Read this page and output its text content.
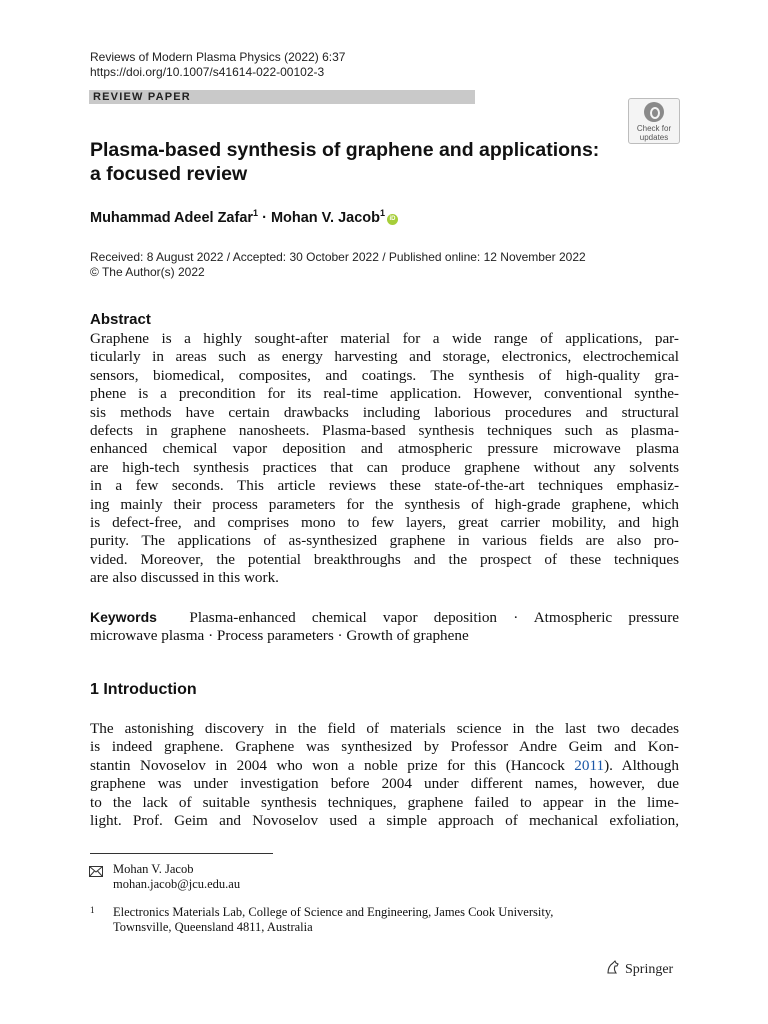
Reviews of Modern Plasma Physics (2022) 6:37
https://doi.org/10.1007/s41614-022-00102-3
REVIEW PAPER
Check for
updates
Plasma-based synthesis of graphene and applications:
a focused review
Muhammad Adeel Zafar$^1$ · Mohan V. Jacob$^1$iD
Received: 8 August 2022 / Accepted: 30 October 2022 / Published online: 12 November 2022
© The Author(s) 2022
Abstract
Graphene is a highly sought-after material for a wide range of applications, par-
ticularly in areas such as energy harvesting and storage, electronics, electrochemical
sensors, biomedical, composites, and coatings. The synthesis of high-quality gra-
phene is a precondition for its real-time application. However, conventional synthe-
sis methods have certain drawbacks including laborious procedures and structural
defects in graphene nanosheets. Plasma-based synthesis techniques such as plasma-
enhanced chemical vapor deposition and atmospheric pressure microwave plasma
are high-tech synthesis practices that can produce graphene without any solvents
in a few seconds. This article reviews these state-of-the-art techniques emphasiz-
ing mainly their process parameters for the synthesis of high-grade graphene, which
is defect-free, and comprises mono to few layers, great carrier mobility, and high
purity. The applications of as-synthesized graphene in various fields are also pro-
vided. Moreover, the potential breakthroughs and the prospect of these techniques
are also discussed in this work.
Keywords Plasma-enhanced chemical vapor deposition · Atmospheric pressure
microwave plasma · Process parameters · Growth of graphene
1 Introduction
The astonishing discovery in the field of materials science in the last two decades
is indeed graphene. Graphene was synthesized by Professor Andre Geim and Kon-
stantin Novoselov in 2004 who won a noble prize for this (Hancock 2011). Although
graphene was under investigation before 2004 under different names, however, due
to the lack of suitable synthesis techniques, graphene failed to appear in the lime-
light. Prof. Geim and Novoselov used a simple approach of mechanical exfoliation,
Mohan V. Jacob
mohan.jacob@jcu.edu.au
1 Electronics Materials Lab, College of Science and Engineering, James Cook University,
Townsville, Queensland 4811, Australia
Springer
